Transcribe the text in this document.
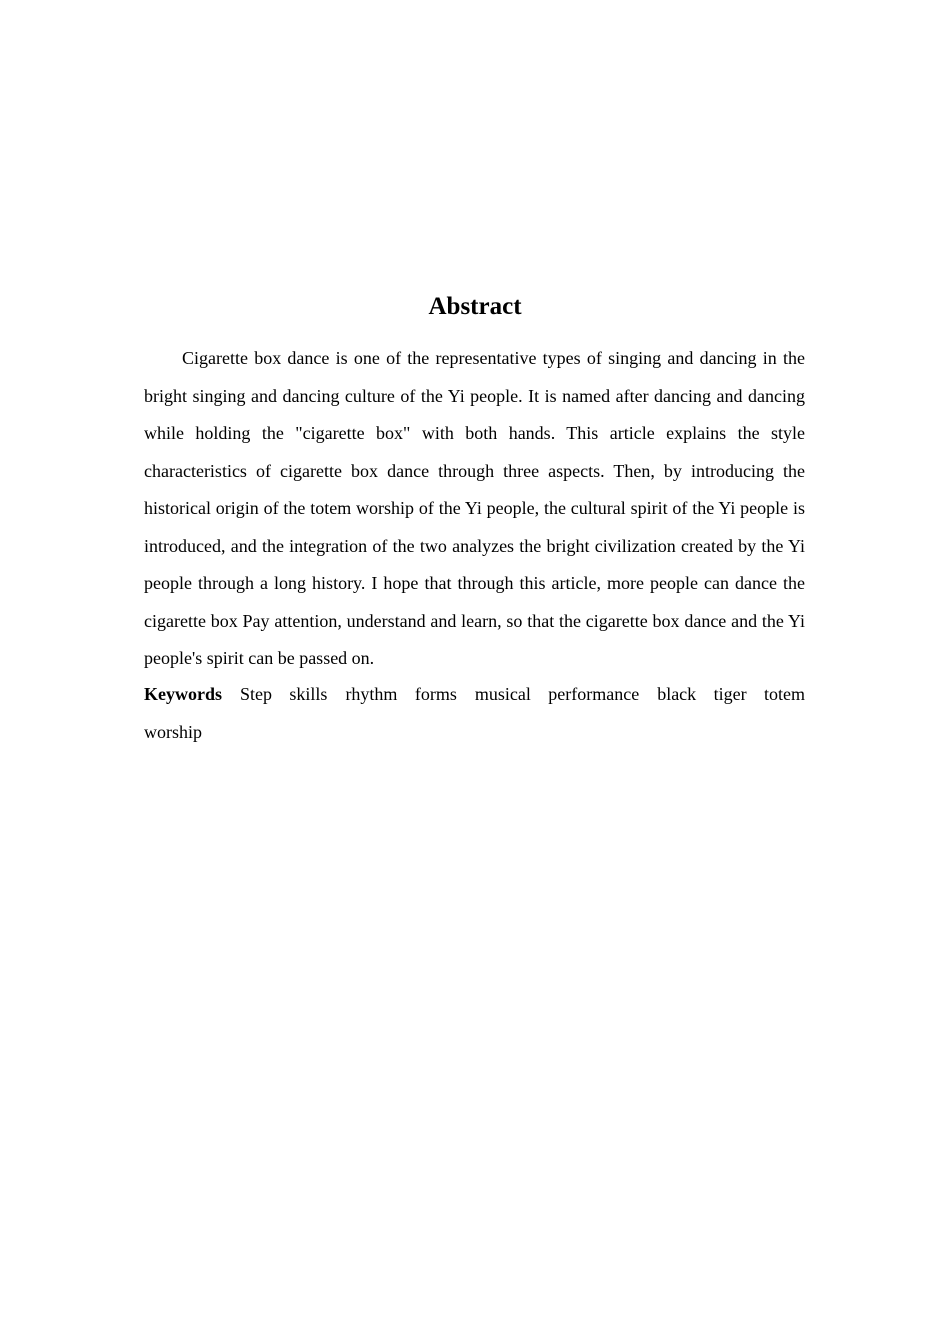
Abstract

Cigarette box dance is one of the representative types of singing and dancing in the bright singing and dancing culture of the Yi people. It is named after dancing and dancing while holding the "cigarette box" with both hands. This article explains the style characteristics of cigarette box dance through three aspects. Then, by introducing the historical origin of the totem worship of the Yi people, the cultural spirit of the Yi people is introduced, and the integration of the two analyzes the bright civilization created by the Yi people through a long history. I hope that through this article, more people can dance the cigarette box Pay attention, understand and learn, so that the cigarette box dance and the Yi people's spirit can be passed on.

Keywords Step skills rhythm forms musical performance black tiger totem worship
